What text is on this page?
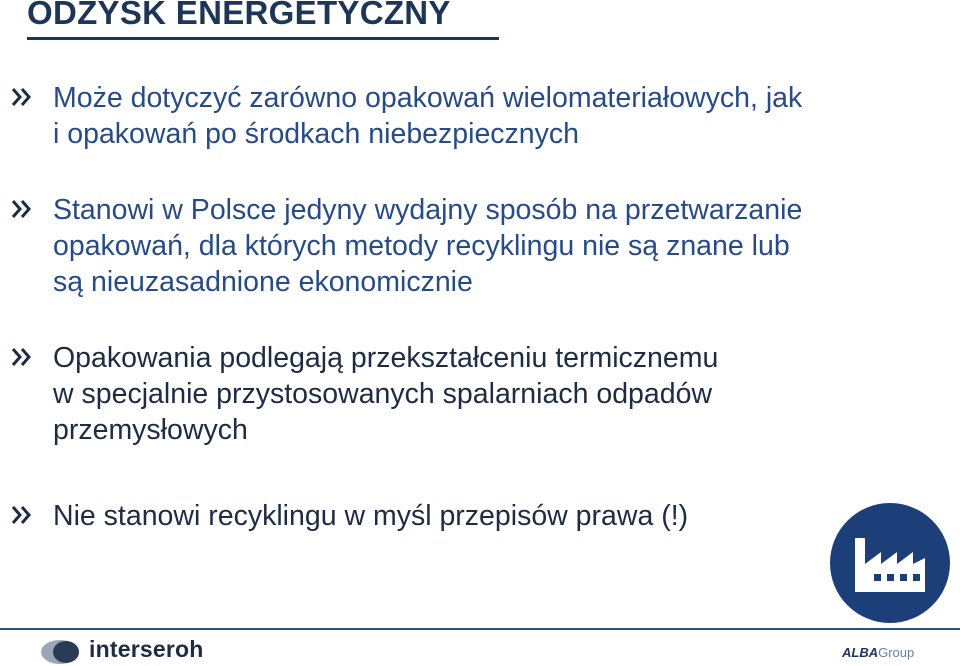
ODZYSK ENERGETYCZNY

Może dotyczyć zarówno opakowań wielomateriałowych, jak
i opakowań po środkach niebezpiecznych

Stanowi w Polsce jedyny wydajny sposób na przetwarzanie
opakowań, dla których metody recyklingu nie są znane lub
są nieuzasadnione ekonomicznie

Opakowania podlegają przekształceniu termicznemu
w specjalnie przystosowanych spalarniach odpadów
przemysłowych

Nie stanowi recyklingu w myśl przepisów prawa (!)

interseroh	ALBAGroup
